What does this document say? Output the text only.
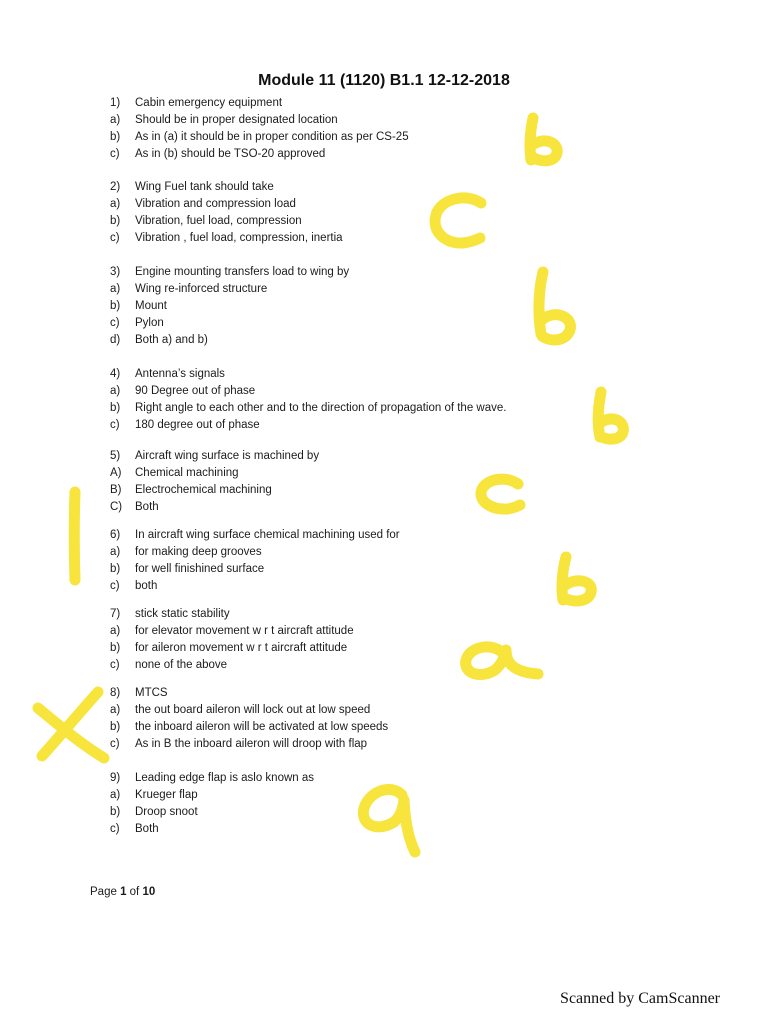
Module 11 (1120) B1.1 12-12-2018
1)	Cabin emergency equipment
a)	Should be in proper designated location
b)	As in (a) it should be in proper condition as per CS-25
c)	As in (b) should be TSO-20 approved
2)	Wing Fuel tank should take
a)	Vibration and compression load
b)	Vibration, fuel load, compression
c)	Vibration , fuel load, compression, inertia
3)	Engine mounting transfers load to wing by
a)	Wing re-inforced structure
b)	Mount
c)	Pylon
d)	Both a) and b)
4)	Antenna’s signals
a)	90 Degree out of phase
b)	Right angle to each other and to the direction of propagation of the wave.
c)	180 degree out of phase
5)	Aircraft wing surface is machined by
A)	Chemical machining
B)	Electrochemical machining
C)	Both
6)	In aircraft wing surface chemical machining used for
a)	for making deep grooves
b)	for well finishined surface
c)	both
7)	stick static stability
a)	for elevator movement w r t aircraft attitude
b)	for aileron movement w r t aircraft attitude
c)	none of the above
8)	MTCS
a)	the out board aileron will lock out at low speed
b)	the inboard aileron will be activated at low speeds
c)	As in B the inboard aileron will droop with flap
9)	Leading edge flap is aslo known as
a)	Krueger flap
b)	Droop snoot
c)	Both
Page 1 of 10
Scanned by CamScanner
